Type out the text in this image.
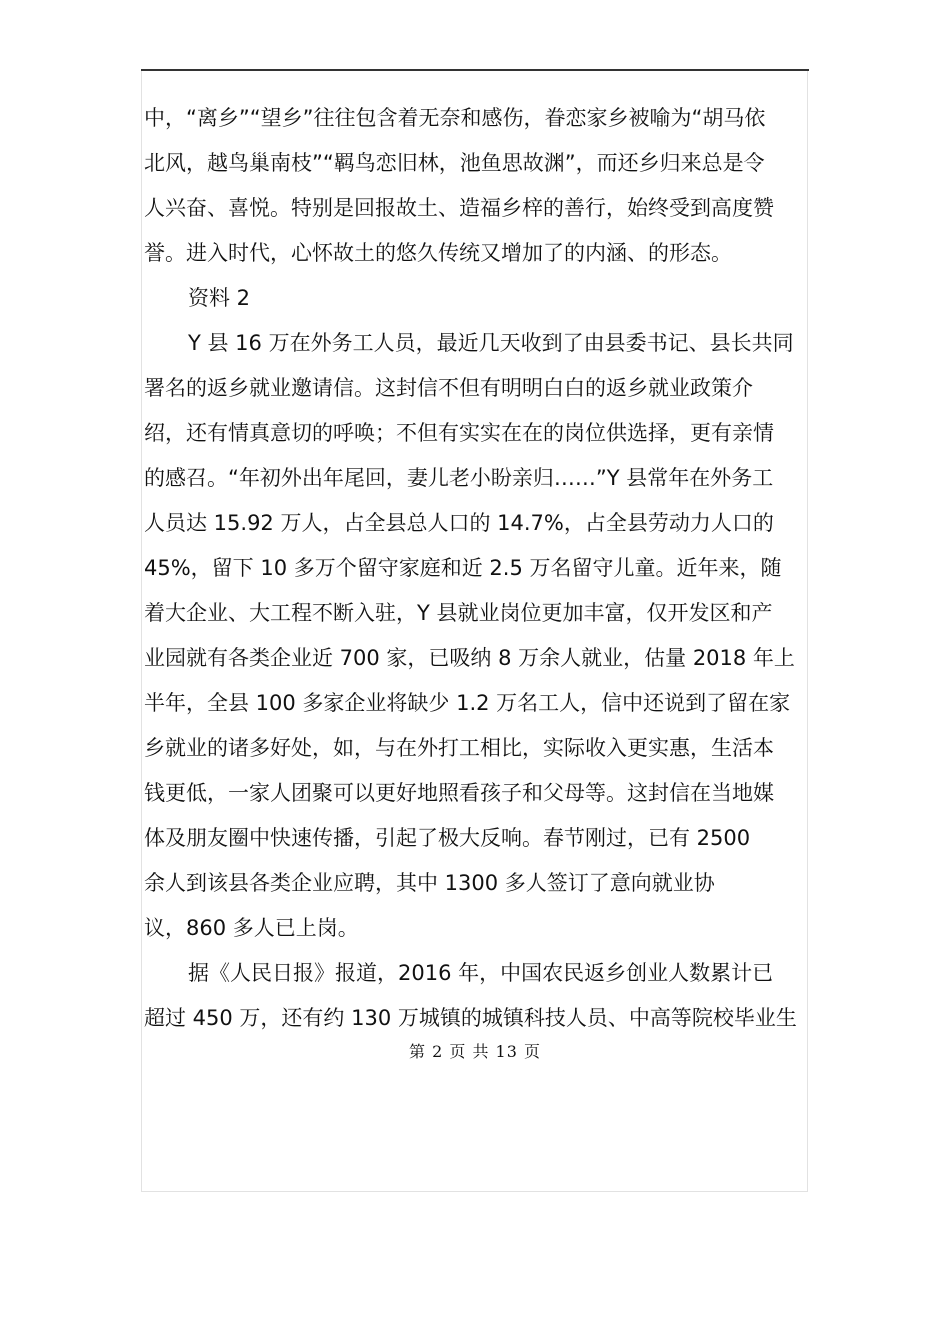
中，“离乡”“望乡”往往包含着无奈和感伤，眷恋家乡被喻为“胡马依
北风，越鸟巢南枝”“羁鸟恋旧林，池鱼思故渊”，而还乡归来总是令
人兴奋、喜悦。特别是回报故土、造福乡梓的善行，始终受到高度赞
誉。进入时代，心怀故土的悠久传统又增加了的内涵、的形态。
资料 2
Y 县 16 万在外务工人员，最近几天收到了由县委书记、县长共同
署名的返乡就业邀请信。这封信不但有明明白白的返乡就业政策介
绍，还有情真意切的呼唤；不但有实实在在的岗位供选择，更有亲情
的感召。“年初外出年尾回，妻儿老小盼亲归……”Y 县常年在外务工
人员达 15.92 万人，占全县总人口的 14.7%，占全县劳动力人口的
45%，留下 10 多万个留守家庭和近 2.5 万名留守儿童。近年来，随
着大企业、大工程不断入驻，Y 县就业岗位更加丰富，仅开发区和产
业园就有各类企业近 700 家，已吸纳 8 万余人就业，估量 2018 年上
半年，全县 100 多家企业将缺少 1.2 万名工人，信中还说到了留在家
乡就业的诸多好处，如，与在外打工相比，实际收入更实惠，生活本
钱更低，一家人团聚可以更好地照看孩子和父母等。这封信在当地媒
体及朋友圈中快速传播，引起了极大反响。春节刚过，已有 2500
余人到该县各类企业应聘，其中 1300 多人签订了意向就业协
议，860 多人已上岗。
据《人民日报》报道，2016 年，中国农民返乡创业人数累计已
超过 450 万，还有约 130 万城镇的城镇科技人员、中高等院校毕业生
第 2 页 共 13 页
